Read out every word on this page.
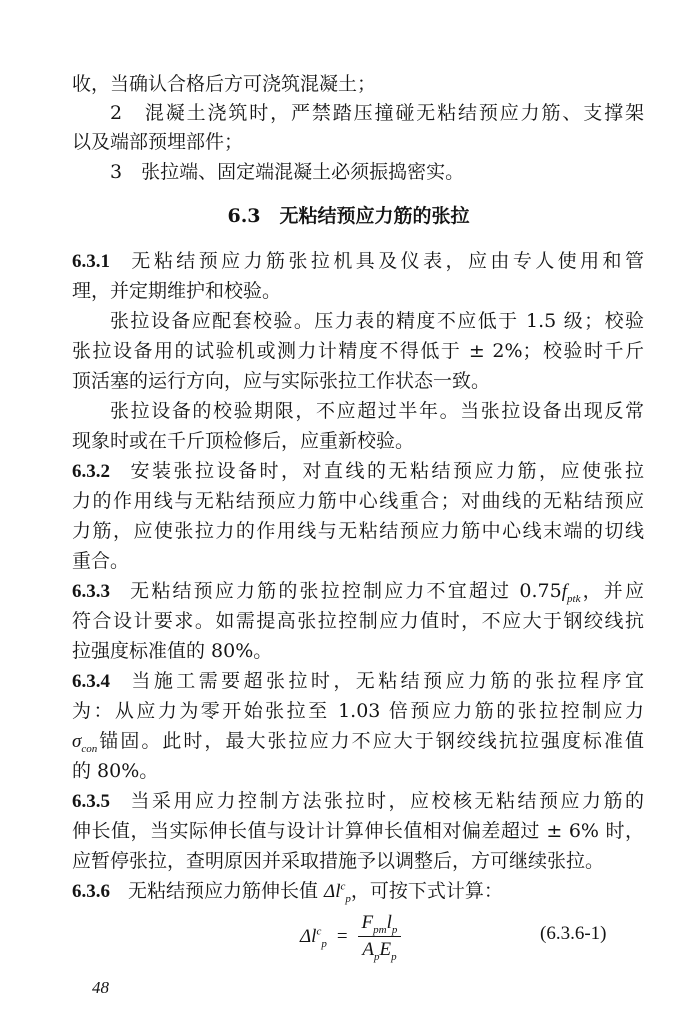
收，当确认合格后方可浇筑混凝土；
2　混凝土浇筑时，严禁踏压撞碰无粘结预应力筋、支撑架
以及端部预埋部件；
3　张拉端、固定端混凝土必须振捣密实。
6.3　无粘结预应力筋的张拉
6.3.1 无粘结预应力筋张拉机具及仪表，应由专人使用和管
理，并定期维护和校验。
张拉设备应配套校验。压力表的精度不应低于 1.5 级；校验
张拉设备用的试验机或测力计精度不得低于 ± 2%；校验时千斤
顶活塞的运行方向，应与实际张拉工作状态一致。
张拉设备的校验期限，不应超过半年。当张拉设备出现反常
现象时或在千斤顶检修后，应重新校验。
6.3.2 安装张拉设备时，对直线的无粘结预应力筋，应使张拉
力的作用线与无粘结预应力筋中心线重合；对曲线的无粘结预应
力筋，应使张拉力的作用线与无粘结预应力筋中心线末端的切线
重合。
6.3.3 无粘结预应力筋的张拉控制应力不宜超过 $0.75f_{ptk}$，并应
符合设计要求。如需提高张拉控制应力值时，不应大于钢绞线抗
拉强度标准值的 80%。
6.3.4 当施工需要超张拉时，无粘结预应力筋的张拉程序宜
为：从应力为零开始张拉至 1.03 倍预应力筋的张拉控制应力
$\sigma_{con}$锚固。此时，最大张拉应力不应大于钢绞线抗拉强度标准值
的 80%。
6.3.5 当采用应力控制方法张拉时，应校核无粘结预应力筋的
伸长值，当实际伸长值与设计计算伸长值相对偏差超过 ± 6% 时，
应暂停张拉，查明原因并采取措施予以调整后，方可继续张拉。
6.3.6 无粘结预应力筋伸长值 $\Delta l^c_p$，可按下式计算：
$\Delta l^c_p = \frac{F_{pm}l_p}{A_pE_p}$	(6.3.6-1)
48
